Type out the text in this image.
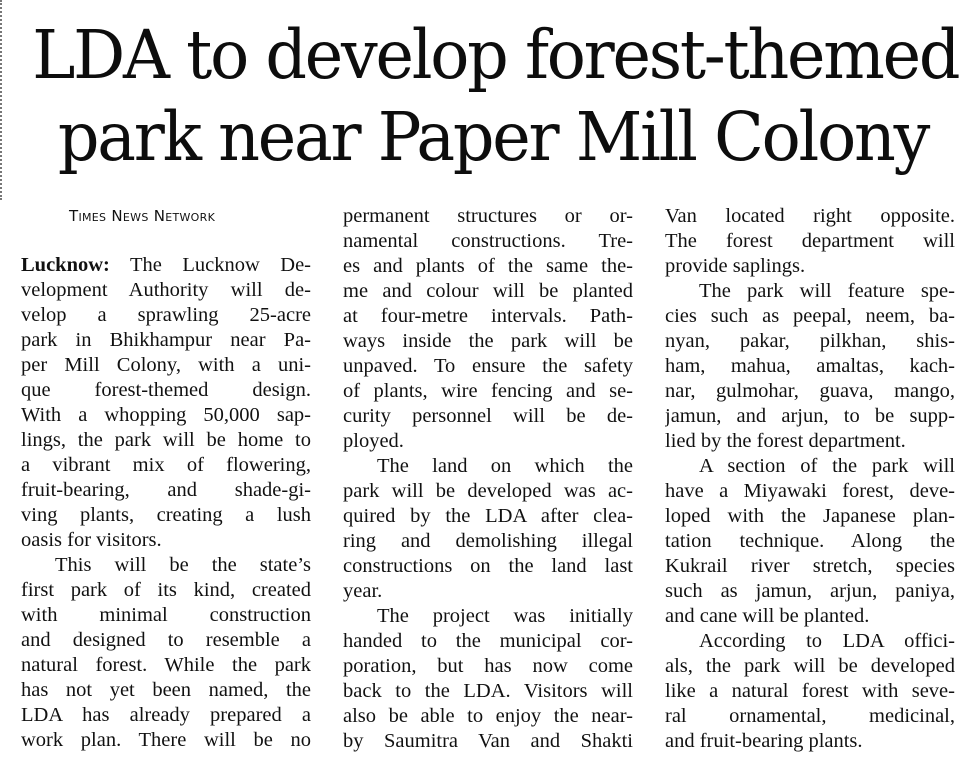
LDA to develop forest-themed
park near Paper Mill Colony
Times News Network
Lucknow: The Lucknow De-
velopment Authority will de-
velop a sprawling 25-acre
park in Bhikhampur near Pa-
per Mill Colony, with a uni-
que forest-themed design.
With a whopping 50,000 sap-
lings, the park will be home to
a vibrant mix of flowering,
fruit-bearing, and shade-gi-
ving plants, creating a lush
oasis for visitors.
This will be the state’s
first park of its kind, created
with minimal construction
and designed to resemble a
natural forest. While the park
has not yet been named, the
LDA has already prepared a
work plan. There will be no
permanent structures or or-
namental constructions. Tre-
es and plants of the same the-
me and colour will be planted
at four-metre intervals. Path-
ways inside the park will be
unpaved. To ensure the safety
of plants, wire fencing and se-
curity personnel will be de-
ployed.
The land on which the
park will be developed was ac-
quired by the LDA after clea-
ring and demolishing illegal
constructions on the land last
year.
The project was initially
handed to the municipal cor-
poration, but has now come
back to the LDA. Visitors will
also be able to enjoy the near-
by Saumitra Van and Shakti
Van located right opposite.
The forest department will
provide saplings.
The park will feature spe-
cies such as peepal, neem, ba-
nyan, pakar, pilkhan, shis-
ham, mahua, amaltas, kach-
nar, gulmohar, guava, mango,
jamun, and arjun, to be supp-
lied by the forest department.
A section of the park will
have a Miyawaki forest, deve-
loped with the Japanese plan-
tation technique. Along the
Kukrail river stretch, species
such as jamun, arjun, paniya,
and cane will be planted.
According to LDA offici-
als, the park will be developed
like a natural forest with seve-
ral ornamental, medicinal,
and fruit-bearing plants.
